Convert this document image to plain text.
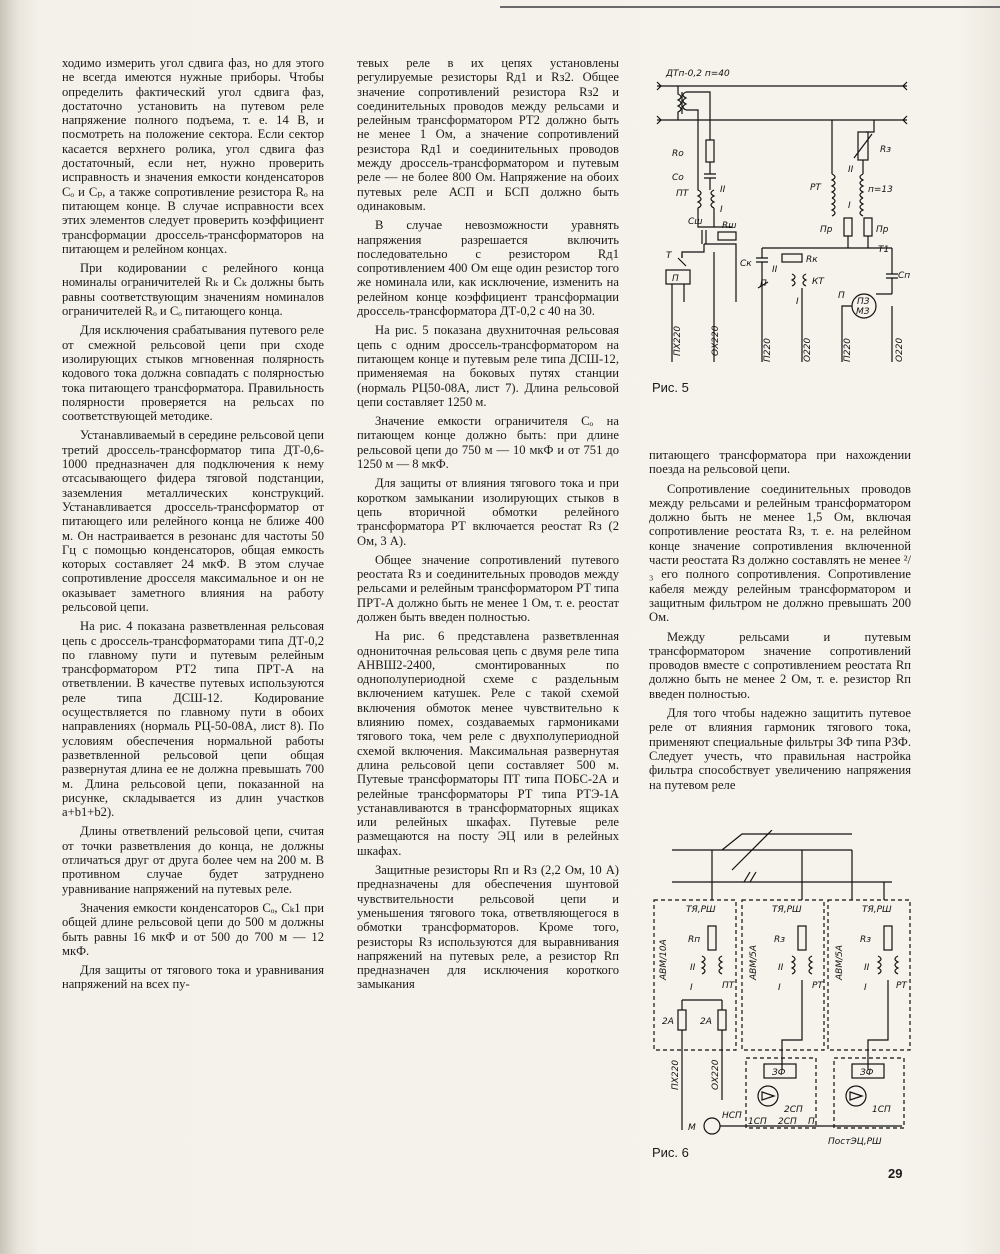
ходимо измерить угол сдвига фаз, но для этого не всегда имеются нужные приборы. Чтобы определить фактический угол сдвига фаз, достаточно установить на путевом реле напряжение полного подъема, т. е. 14 В, и посмотреть на положение сектора. Если сектор касается верхнего ролика, угол сдвига фаз достаточный, если нет, нужно проверить исправность и значения емкости конденсаторов Cₒ и Cₚ, а также сопротивление резистора Rₒ на питающем конце. В случае исправности всех этих элементов следует проверить коэффициент трансформации дроссель-трансформаторов на питающем и релейном концах.

При кодировании с релейного конца номиналы ограничителей Rₖ и Cₖ должны быть равны соответствующим значениям номиналов ограничителей Rₒ и Cₒ питающего конца.

Для исключения срабатывания путевого реле от смежной рельсовой цепи при сходе изолирующих стыков мгновенная полярность кодового тока должна совпадать с полярностью тока питающего трансформатора. Правильность полярности проверяется на рельсах по соответствующей методике.

Устанавливаемый в середине рельсовой цепи третий дроссель-трансформатор типа ДТ-0,6-1000 предназначен для подключения к нему отсасывающего фидера тяговой подстанции, заземления металлических конструкций. Устанавливается дроссель-трансформатор от питающего или релейного конца не ближе 400 м. Он настраивается в резонанс для частоты 50 Гц с помощью конденсаторов, общая емкость которых составляет 24 мкФ. В этом случае сопротивление дросселя максимальное и он не оказывает заметного влияния на работу рельсовой цепи.

На рис. 4 показана разветвленная рельсовая цепь с дроссель-трансформаторами типа ДТ-0,2 по главному пути и путевым релейным трансформатором РТ2 типа ПРТ-А на ответвлении. В качестве путевых используются реле типа ДСШ-12. Кодирование осуществляется по главному пути в обоих направлениях (нормаль РЦ-50-08А, лист 8). По условиям обеспечения нормальной работы разветвленной рельсовой цепи общая развернутая длина ее не должна превышать 700 м. Длина рельсовой цепи, показанной на рисунке, складывается из длин участков a+b1+b2).

Длины ответвлений рельсовой цепи, считая от точки разветвления до конца, не должны отличаться друг от друга более чем на 200 м. В противном случае будет затруднено уравнивание напряжений на путевых реле.

Значения емкости конденсаторов Cₒ, Cₖ1 при общей длине рельсовой цепи до 500 м должны быть равны 16 мкФ и от 500 до 700 м — 12 мкФ.

Для защиты от тягового тока и уравнивания напряжений на всех пу-

тевых реле в их цепях установлены регулируемые резисторы Rд1 и Rз2. Общее значение сопротивлений резистора Rз2 и соединительных проводов между рельсами и релейным трансформатором РТ2 должно быть не менее 1 Ом, а значение сопротивлений резистора Rд1 и соединительных проводов между дроссель-трансформатором и путевым реле — не более 800 Ом. Напряжение на обоих путевых реле АСП и БСП должно быть одинаковым.

В случае невозможности уравнять напряжения разрешается включить последовательно с резистором Rд1 сопротивлением 400 Ом еще один резистор того же номинала или, как исключение, изменить на релейном конце коэффициент трансформации дроссель-трансформатора ДТ-0,2 с 40 на 30.

На рис. 5 показана двухниточная рельсовая цепь с одним дроссель-трансформатором на питающем конце и путевым реле типа ДСШ-12, применяемая на боковых путях станции (нормаль РЦ50-08А, лист 7). Длина рельсовой цепи составляет 1250 м.

Значение емкости ограничителя Cₒ на питающем конце должно быть: при длине рельсовой цепи до 750 м — 10 мкФ и от 751 до 1250 м — 8 мкФ.

Для защиты от влияния тягового тока и при коротком замыкании изолирующих стыков в цепь вторичной обмотки релейного трансформатора РТ включается реостат Rз (2 Ом, 3 А).

Общее значение сопротивлений путевого реостата Rз и соединительных проводов между рельсами и релейным трансформатором РТ типа ПРТ-А должно быть не менее 1 Ом, т. е. реостат должен быть введен полностью.

На рис. 6 представлена разветвленная однониточная рельсовая цепь с двумя реле типа АНВШ2-2400, смонтированных по однополупериодной схеме с раздельным включением катушек. Реле с такой схемой включения обмоток менее чувствительно к влиянию помех, создаваемых гармониками тягового тока, чем реле с двухполупериодной схемой включения. Максимальная развернутая длина рельсовой цепи составляет 500 м. Путевые трансформаторы ПТ типа ПОБС-2А и релейные трансформаторы РТ типа РТЭ-1А устанавливаются в трансформаторных ящиках или релейных шкафах. Путевые реле размещаются на посту ЭЦ или в релейных шкафах.

Защитные резисторы Rп и Rз (2,2 Ом, 10 А) предназначены для обеспечения шунтовой чувствительности рельсовой цепи и уменьшения тягового тока, ответвляющегося в обмотки трансформаторов. Кроме того, резисторы Rз используются для выравнивания напряжений на путевых реле, а резистор Rп предназначен для исключения короткого замыкания

питающего трансформатора при нахождении поезда на рельсовой цепи.

Сопротивление соединительных проводов между рельсами и релейным трансформатором должно быть не менее 1,5 Ом, включая сопротивление реостата Rз, т. е. на релейном конце значение сопротивления включенной части реостата Rз должно составлять не менее ²/₃ его полного сопротивления. Сопротивление кабеля между релейным трансформатором и защитным фильтром не должно превышать 200 Ом.

Между рельсами и путевым трансформатором значение сопротивлений проводов вместе с сопротивлением реостата Rп должно быть не менее 2 Ом, т. е. резистор Rп введен полностью.

Для того чтобы надежно защитить путевое реле от влияния гармоник тягового тока, применяют специальные фильтры ЗФ типа РЗФ. Следует учесть, что правильная настройка фильтра способствует увеличению напряжения на путевом реле

ДТп-0,2 п=40
Rо
Cо
ПТ	II
I
Cш Rш
Т
П
ПХ220	ОХ220
Rз
РТ
II
I
п=13
Пр	Пр
Т1
Cк	Rк
II
КТ
П
I
П220	О220
Cп
ПЗ
МЗ
П
П220	О220
Рис. 5
ТЯ,РШ	ТЯ,РШ	ТЯ,РШ
АВМ/10А	АВМ/5А	АВМ/5А
Rп
II
I	ПТ
2А	2А
Rз
II
I	РТ
Rз
II
I	РТ
ЗФ	ЗФ
2СП	1СП
ПХ220	ОХ220
М
НСП
1СП 2СП П
ПостЭЦ,РШ
Рис. 6
29
